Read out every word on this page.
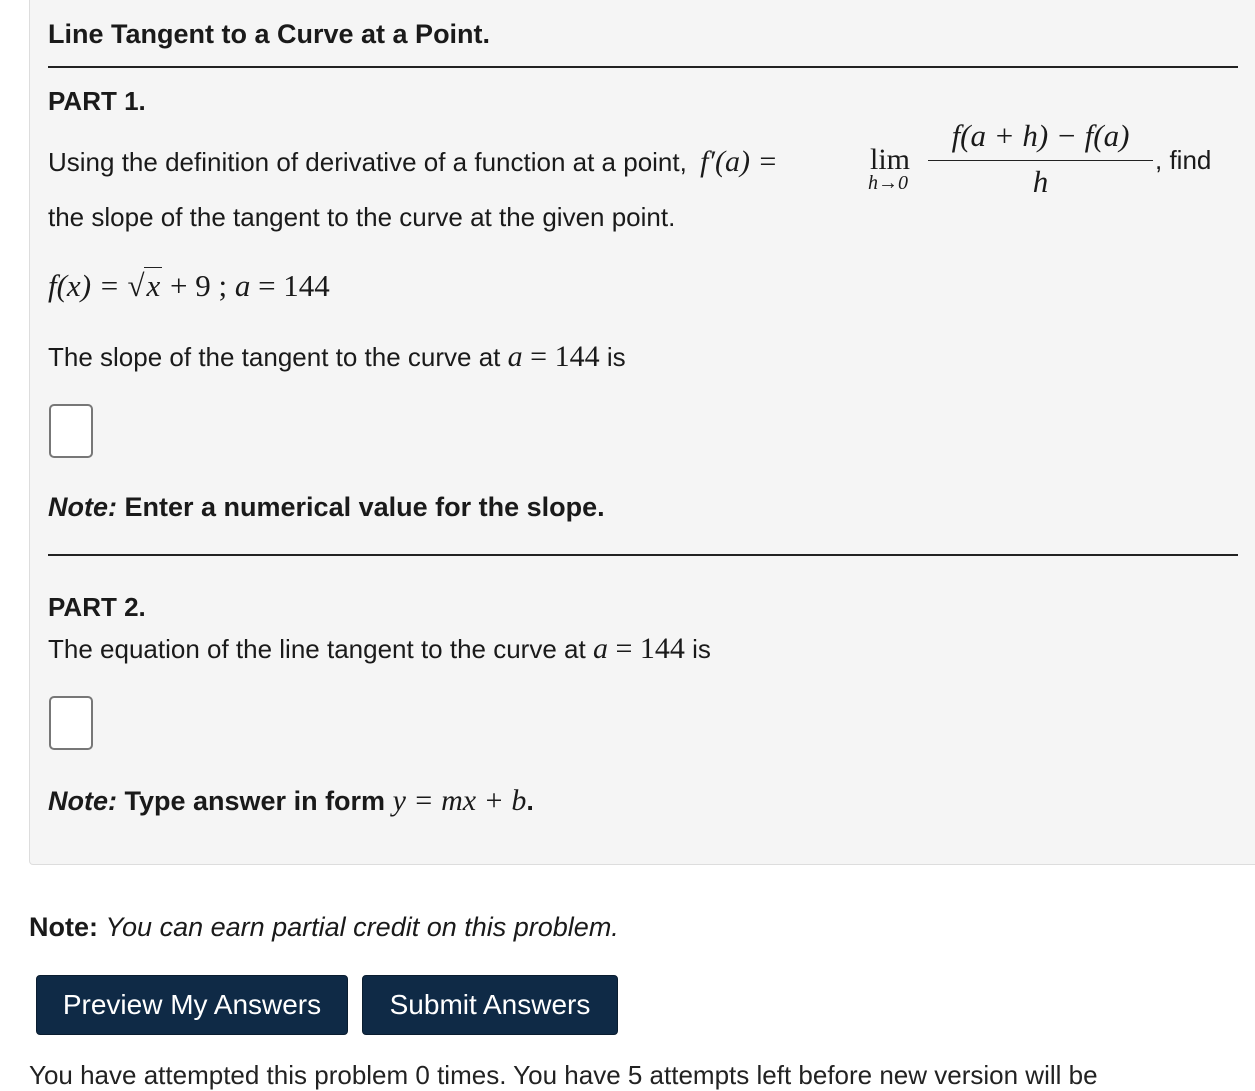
Line Tangent to a Curve at a Point.
PART 1.
Using the definition of derivative of a function at a point, f′(a) =	lim
h→0
f(a + h) − f(a)
h
, find
the slope of the tangent to the curve at the given point.
f(x) = √x + 9 ; a = 144
The slope of the tangent to the curve at a = 144 is
Note: Enter a numerical value for the slope.
PART 2.
The equation of the line tangent to the curve at a = 144 is
Note: Type answer in form y = mx + b.
Note: You can earn partial credit on this problem.
Preview My Answers	Submit Answers
You have attempted this problem 0 times. You have 5 attempts left before new version will be
